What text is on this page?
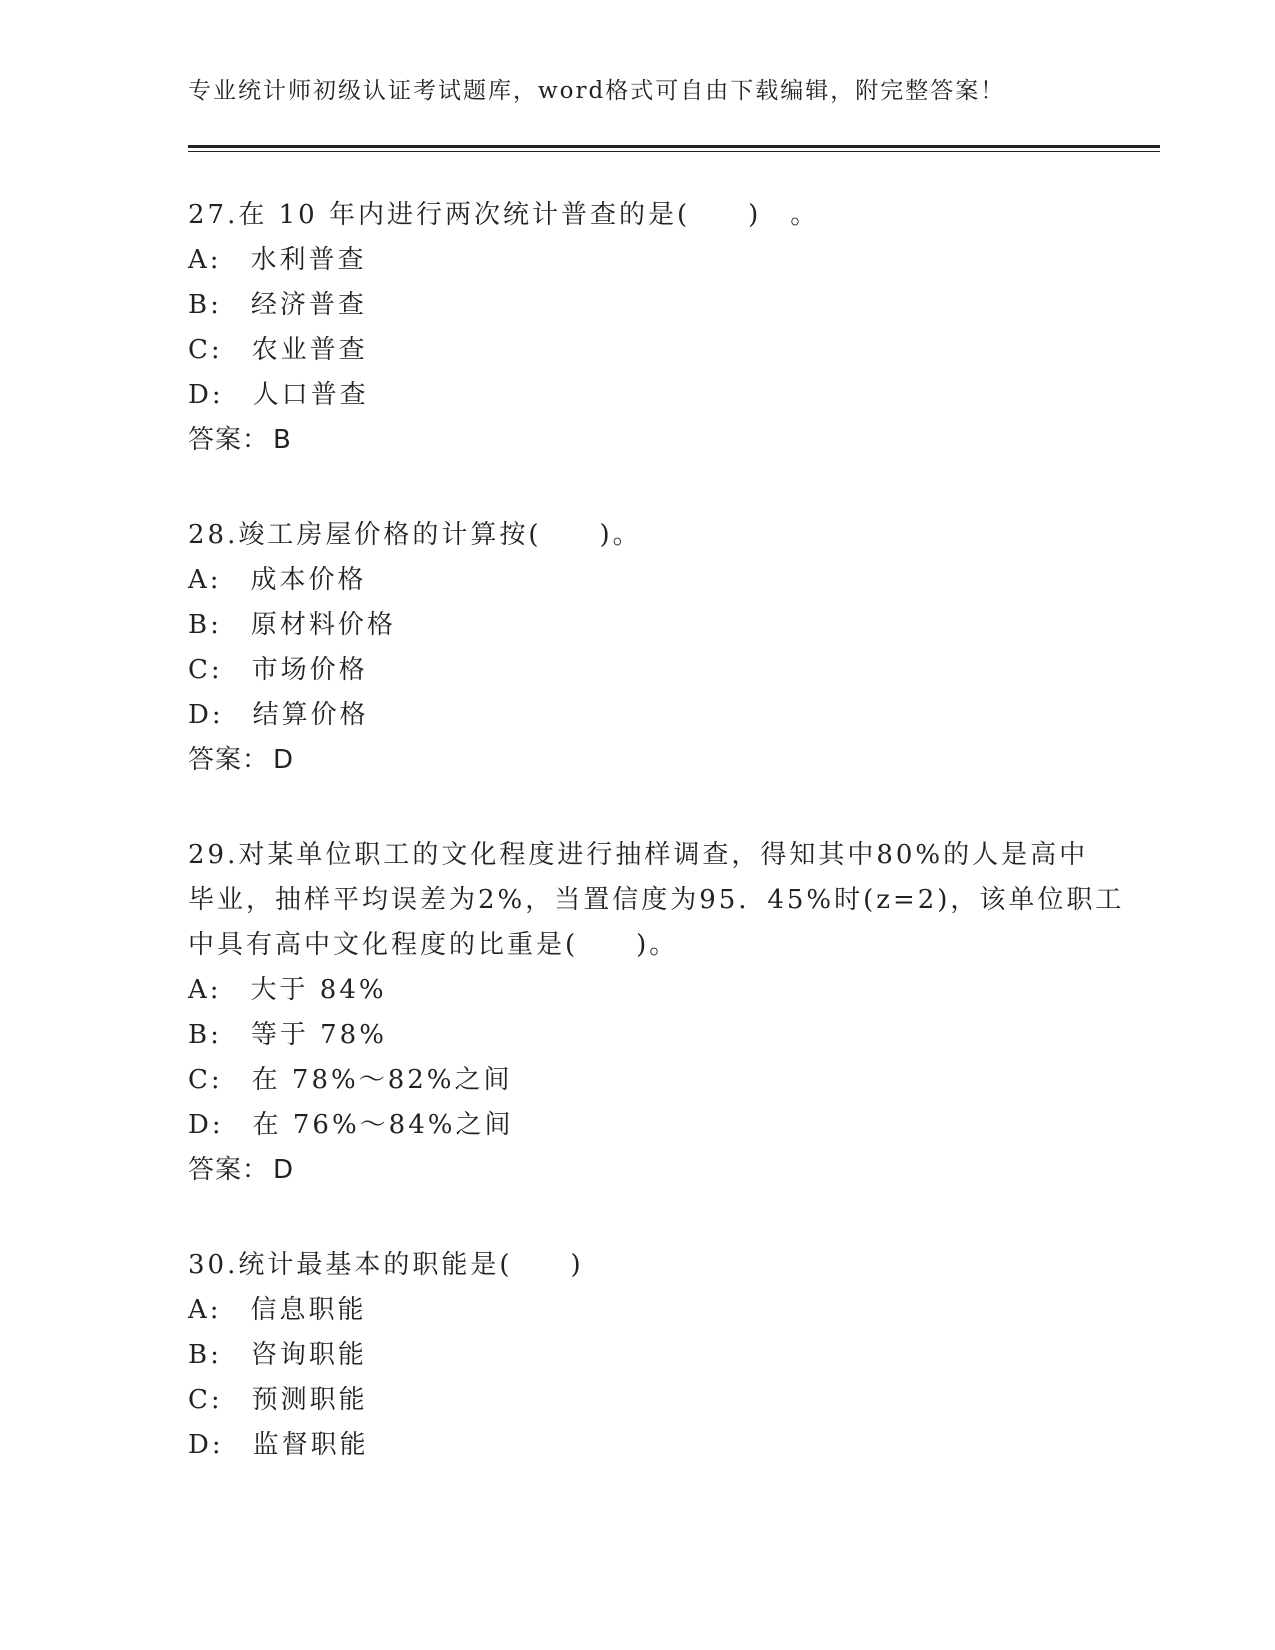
专业统计师初级认证考试题库，word格式可自由下载编辑，附完整答案！
27.在 10 年内进行两次统计普查的是(　　)　。
A:　水利普查
B:　经济普查
C:　农业普查
D:　人口普查
答案： B
28.竣工房屋价格的计算按(　　)。
A:　成本价格
B:　原材料价格
C:　市场价格
D:　结算价格
答案： D
29.对某单位职工的文化程度进行抽样调查，得知其中80%的人是高中
毕业，抽样平均误差为2%，当置信度为95．45%时(z=2)，该单位职工
中具有高中文化程度的比重是(　　)。
A:　大于 84%
B:　等于 78%
C:　在 78%～82%之间
D:　在 76%～84%之间
答案： D
30.统计最基本的职能是(　　)
A:　信息职能
B:　咨询职能
C:　预测职能
D:　监督职能
